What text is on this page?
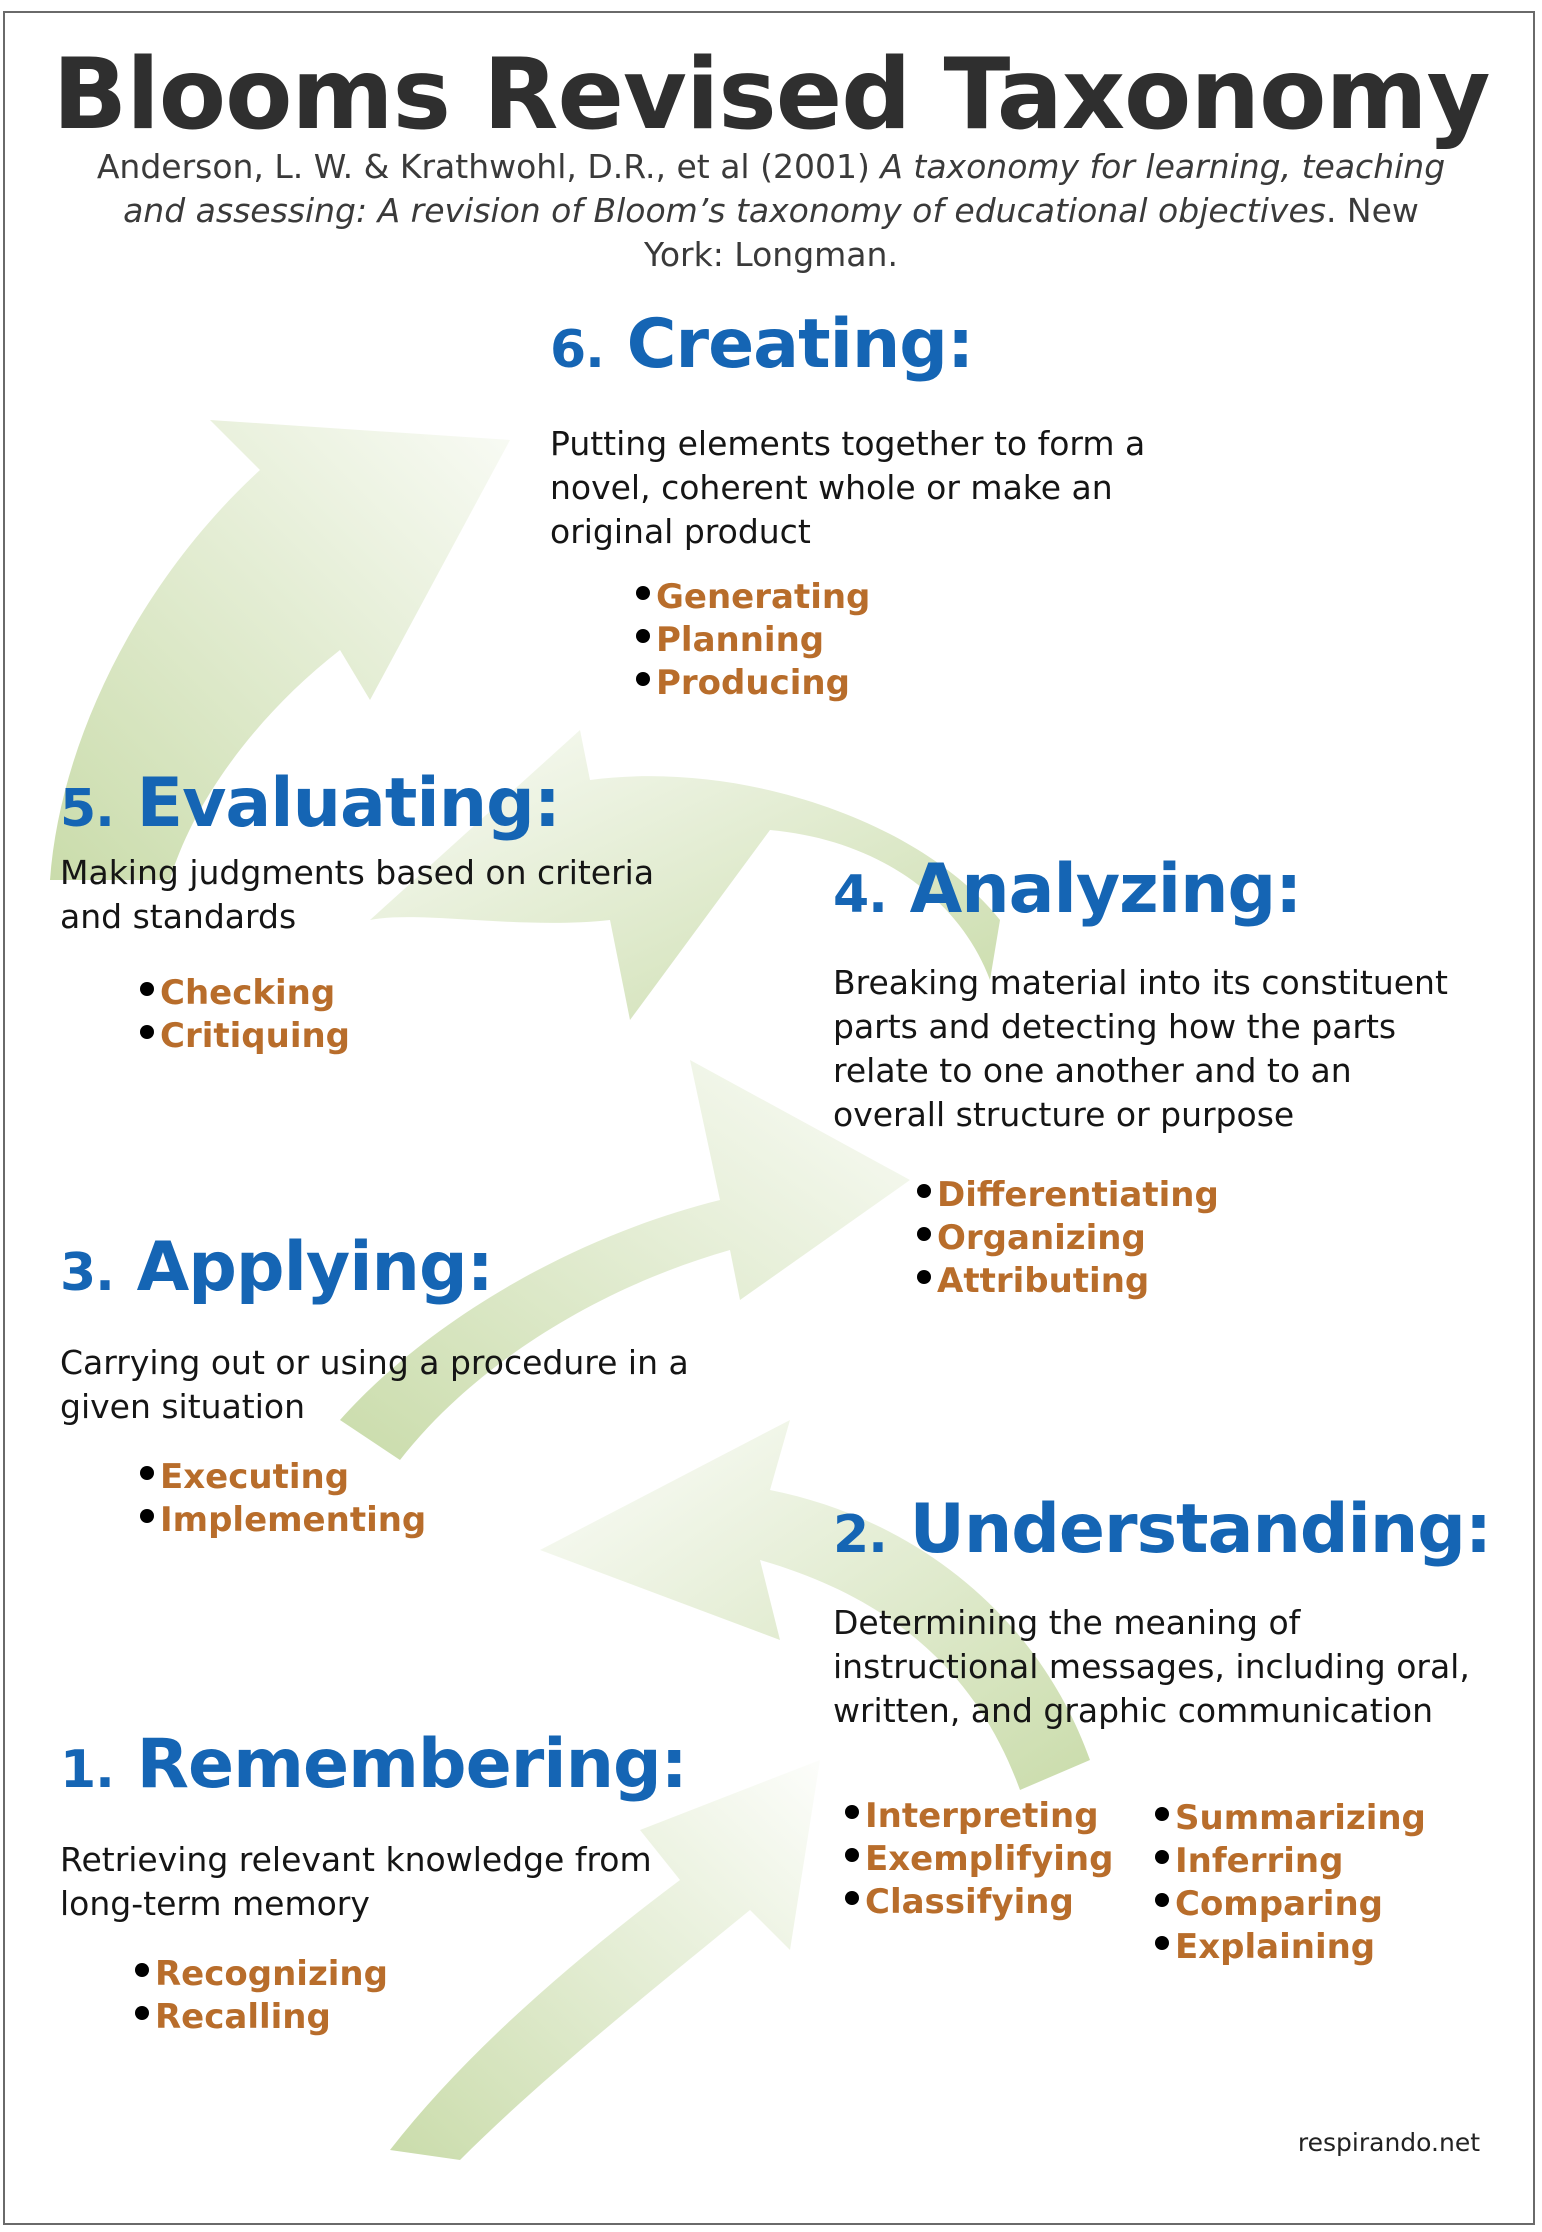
Blooms Revised Taxonomy
Anderson, L. W. & Krathwohl, D.R., et al (2001) A taxonomy for learning, teaching and assessing: A revision of Bloom’s taxonomy of educational objectives. New York: Longman.
6. Creating:

Putting elements together to form a novel, coherent whole or make an original product

Generating
Planning
Producing
5. Evaluating:

Making judgments based on criteria and standards

Checking
Critiquing
4. Analyzing:

Breaking material into its constituent parts and detecting how the parts relate to one another and to an overall structure or purpose

Differentiating
Organizing
Attributing
3. Applying:

Carrying out or using a procedure in a given situation

Executing
Implementing	2. Understanding:

Determining the meaning of instructional messages, including oral, written, and graphic communication

Interpreting
Exemplifying
Classifying
Summarizing
Inferring
Comparing
Explaining
1. Remembering:

Retrieving relevant knowledge from long-term memory

Recognizing
Recalling
respirando.net
